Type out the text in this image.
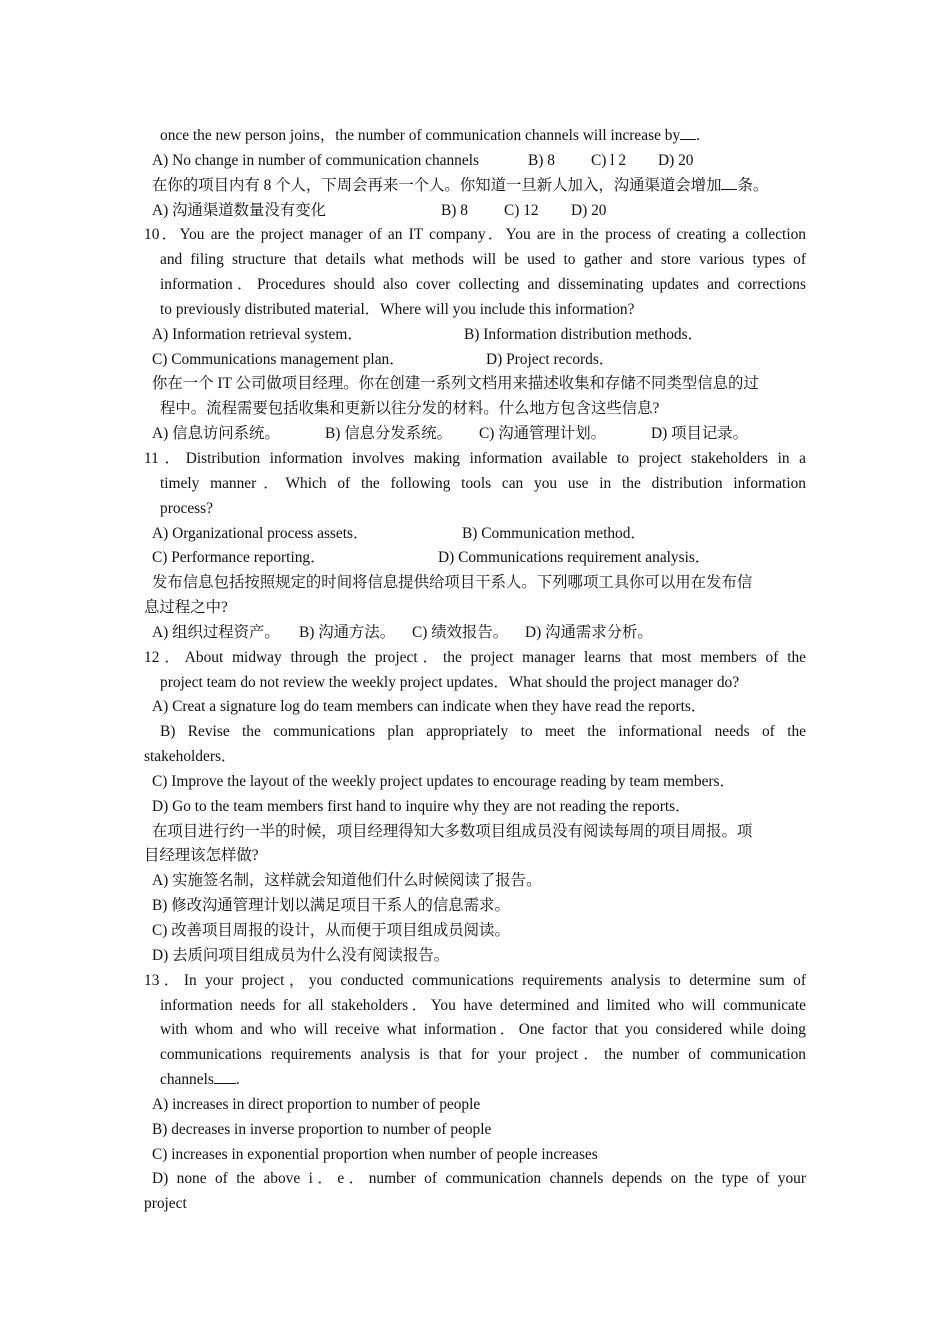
once the new person joins，the number of communication channels will increase by .
A) No change in number of communication channels	B) 8 C) l 2 D) 20
在你的项目内有 8 个人，下周会再来一个人。你知道一旦新人加入，沟通渠道会增加 条。
A) 沟通渠道数量没有变化	B) 8 C) 12 D) 20
10．You are the project manager of an IT company．You are in the process of creating a collection
and filing structure that details what methods will be used to gather and store various types of
information．Procedures should also cover collecting and disseminating updates and corrections
to previously distributed material．Where will you include this information?
A) Information retrieval system．	B) Information distribution methods．
C) Communications management plan．	D) Project records．
你在一个 IT 公司做项目经理。你在创建一系列文档用来描述收集和存储不同类型信息的过
程中。流程需要包括收集和更新以往分发的材料。什么地方包含这些信息?
A) 信息访问系统。	B) 信息分发系统。 C) 沟通管理计划。	D) 项目记录。
11．Distribution information involves making information available to project stakeholders in a
timely manner．Which of the following tools can you use in the distribution information
process?
A) Organizational process assets．	B) Communication method．
C) Performance reporting．	D) Communications requirement analysis．
发布信息包括按照规定的时间将信息提供给项目干系人。下列哪项工具你可以用在发布信
息过程之中?
A) 组织过程资产。 B) 沟通方法。 C) 绩效报告。 D) 沟通需求分析。
12．About midway through the project．the project manager learns that most members of the
project team do not review the weekly project updates．What should the project manager do?
A) Creat a signature log do team members can indicate when they have read the reports．
B) Revise the communications plan appropriately to meet the informational needs of the
stakeholders．
C) Improve the layout of the weekly project updates to encourage reading by team members．
D) Go to the team members first hand to inquire why they are not reading the reports．
在项目进行约一半的时候，项目经理得知大多数项目组成员没有阅读每周的项目周报。项
目经理该怎样做?
A) 实施签名制，这样就会知道他们什么时候阅读了报告。
B) 修改沟通管理计划以满足项目干系人的信息需求。
C) 改善项目周报的设计，从而便于项目组成员阅读。
D) 去质问项目组成员为什么没有阅读报告。
13．In your project，you conducted communications requirements analysis to determine sum of
information needs for all stakeholders．You have determined and limited who will communicate
with whom and who will receive what information．One factor that you considered while doing
communications requirements analysis is that for your project．the number of communication
channels .
A) increases in direct proportion to number of people
B) decreases in inverse proportion to number of people
C) increases in exponential proportion when number of people increases
D) none of the above i．e．number of communication channels depends on the type of your
project
